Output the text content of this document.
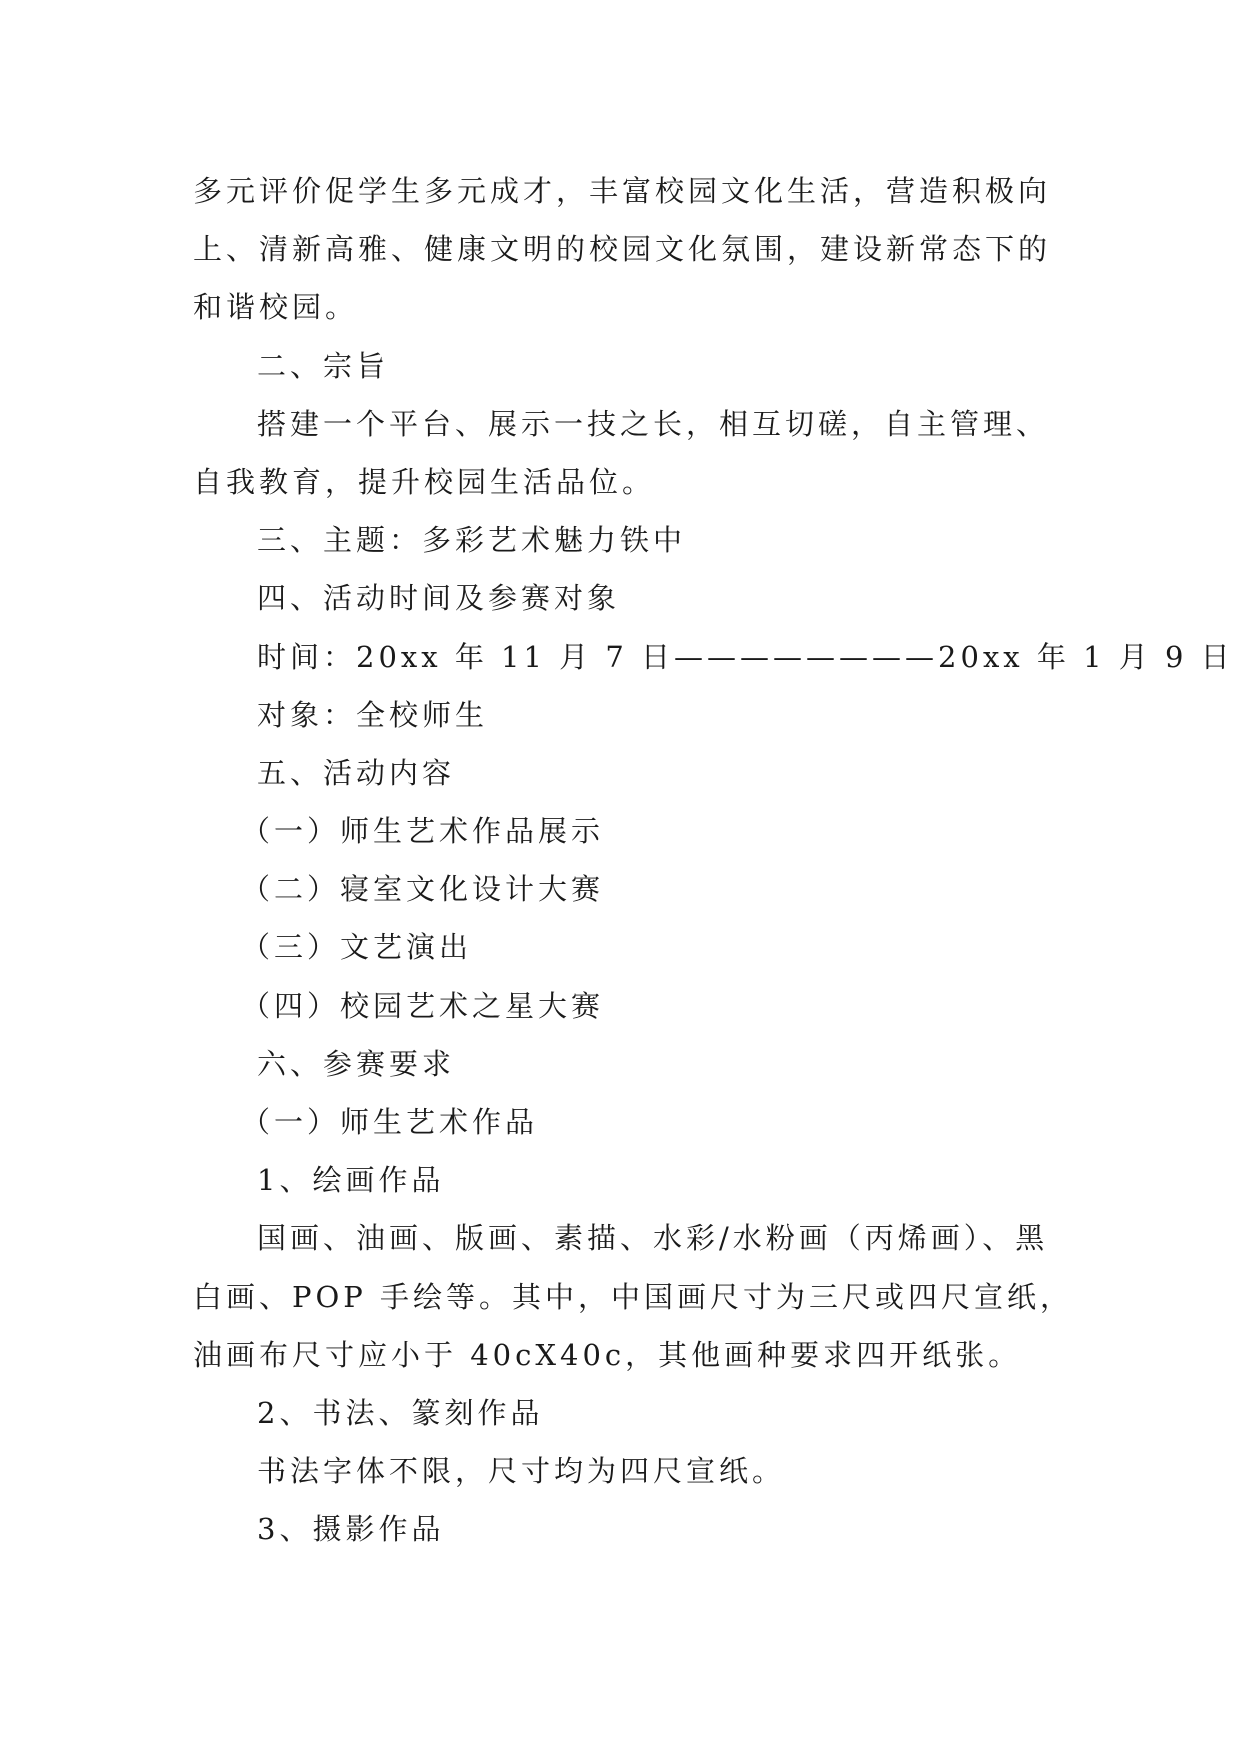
多元评价促学生多元成才，丰富校园文化生活，营造积极向
上、清新高雅、健康文明的校园文化氛围，建设新常态下的
和谐校园。
二、宗旨
搭建一个平台、展示一技之长，相互切磋，自主管理、
自我教育，提升校园生活品位。
三、主题：多彩艺术魅力铁中
四、活动时间及参赛对象
时间：20xx 年 11 月 7 日————————20xx 年 1 月 9 日
对象：全校师生
五、活动内容
（一）师生艺术作品展示
（二）寝室文化设计大赛
（三）文艺演出
（四）校园艺术之星大赛
六、参赛要求
（一）师生艺术作品
1、绘画作品
国画、油画、版画、素描、水彩/水粉画（丙烯画）、黑
白画、POP 手绘等。其中，中国画尺寸为三尺或四尺宣纸，
油画布尺寸应小于 40cX40c，其他画种要求四开纸张。
2、书法、篆刻作品
书法字体不限，尺寸均为四尺宣纸。
3、摄影作品
